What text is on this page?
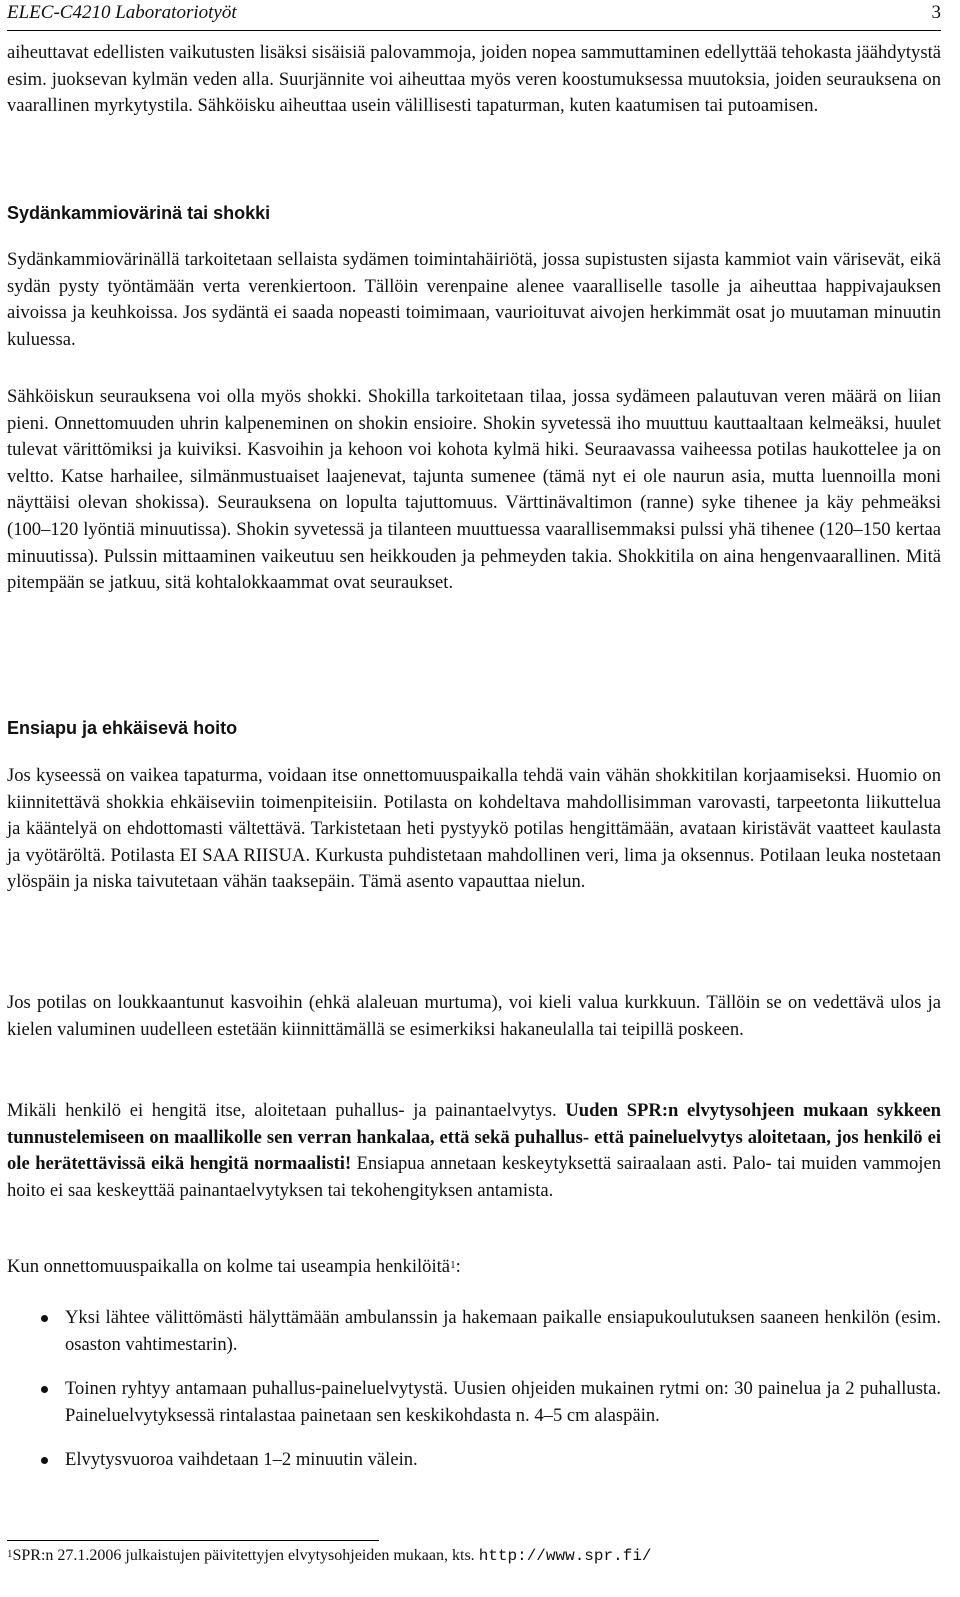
ELEC-C4210 Laboratoriotyöt	3

aiheuttavat edellisten vaikutusten lisäksi sisäisiä palovammoja, joiden nopea sammuttaminen edellyttää tehokasta jäähdytystä esim. juoksevan kylmän veden alla. Suurjännite voi aiheuttaa myös veren koostumuksessa muutoksia, joiden seurauksena on vaarallinen myrkytystila. Sähköisku aiheuttaa usein välillisesti tapaturman, kuten kaatumisen tai putoamisen.

Sydänkammiovärinä tai shokki

Sydänkammiovärinällä tarkoitetaan sellaista sydämen toimintahäiriötä, jossa supistusten sijasta kammiot vain värisevät, eikä sydän pysty työntämään verta verenkiertoon. Tällöin verenpaine alenee vaaralliselle tasolle ja aiheuttaa happivajauksen aivoissa ja keuhkoissa. Jos sydäntä ei saada nopeasti toimimaan, vaurioituvat aivojen herkimmät osat jo muutaman minuutin kuluessa.

Sähköiskun seurauksena voi olla myös shokki. Shokilla tarkoitetaan tilaa, jossa sydämeen palautuvan veren määrä on liian pieni. Onnettomuuden uhrin kalpeneminen on shokin ensioire. Shokin syvetessä iho muuttuu kauttaaltaan kelmeäksi, huulet tulevat värittömiksi ja kuiviksi. Kasvoihin ja kehoon voi kohota kylmä hiki. Seuraavassa vaiheessa potilas haukottelee ja on veltto. Katse harhailee, silmänmustuaiset laajenevat, tajunta sumenee (tämä nyt ei ole naurun asia, mutta luennoilla moni näyttäisi olevan shokissa). Seurauksena on lopulta tajuttomuus. Värttinävaltimon (ranne) syke tihenee ja käy pehmeäksi (100–120 lyöntiä minuutissa). Shokin syvetessä ja tilanteen muuttuessa vaarallisemmaksi pulssi yhä tihenee (120–150 kertaa minuutissa). Pulssin mittaaminen vaikeutuu sen heikkouden ja pehmeyden takia. Shokkitila on aina hengenvaarallinen. Mitä pitempään se jatkuu, sitä kohtalokkaammat ovat seuraukset.

Ensiapu ja ehkäisevä hoito

Jos kyseessä on vaikea tapaturma, voidaan itse onnettomuuspaikalla tehdä vain vähän shokkitilan korjaamiseksi. Huomio on kiinnitettävä shokkia ehkäiseviin toimenpiteisiin. Potilasta on kohdeltava mahdollisimman varovasti, tarpeetonta liikuttelua ja kääntelyä on ehdottomasti vältettävä. Tarkistetaan heti pystyykö potilas hengittämään, avataan kiristävät vaatteet kaulasta ja vyötäröltä. Potilasta EI SAA RIISUA. Kurkusta puhdistetaan mahdollinen veri, lima ja oksennus. Potilaan leuka nostetaan ylöspäin ja niska taivutetaan vähän taaksepäin. Tämä asento vapauttaa nielun.

Jos potilas on loukkaantunut kasvoihin (ehkä alaleuan murtuma), voi kieli valua kurkkuun. Tällöin se on vedettävä ulos ja kielen valuminen uudelleen estetään kiinnittämällä se esimerkiksi hakaneulalla tai teipillä poskeen.

Mikäli henkilö ei hengitä itse, aloitetaan puhallus- ja painantaelvytys. Uuden SPR:n elvytysohjeen mukaan sykkeen tunnustelemiseen on maallikolle sen verran hankalaa, että sekä puhallus- että paineluelvytys aloitetaan, jos henkilö ei ole herätettävissä eikä hengitä normaalisti! Ensiapua annetaan keskeytyksettä sairaalaan asti. Palo- tai muiden vammojen hoito ei saa keskeyttää painantaelvytyksen tai tekohengityksen antamista.

Kun onnettomuuspaikalla on kolme tai useampia henkilöitä$^1$:

Yksi lähtee välittömästi hälyttämään ambulanssin ja hakemaan paikalle ensiapukoulutuksen saaneen henkilön (esim. osaston vahtimestarin).
Toinen ryhtyy antamaan puhallus-paineluelvytystä. Uusien ohjeiden mukainen rytmi on: 30 painelua ja 2 puhallusta. Paineluelvytyksessä rintalastaa painetaan sen keskikohdasta n. 4–5 cm alaspäin.
Elvytysvuoroa vaihdetaan 1–2 minuutin välein.
$^1$SPR:n 27.1.2006 julkaistujen päivitettyjen elvytysohjeiden mukaan, kts. http://www.spr.fi/
